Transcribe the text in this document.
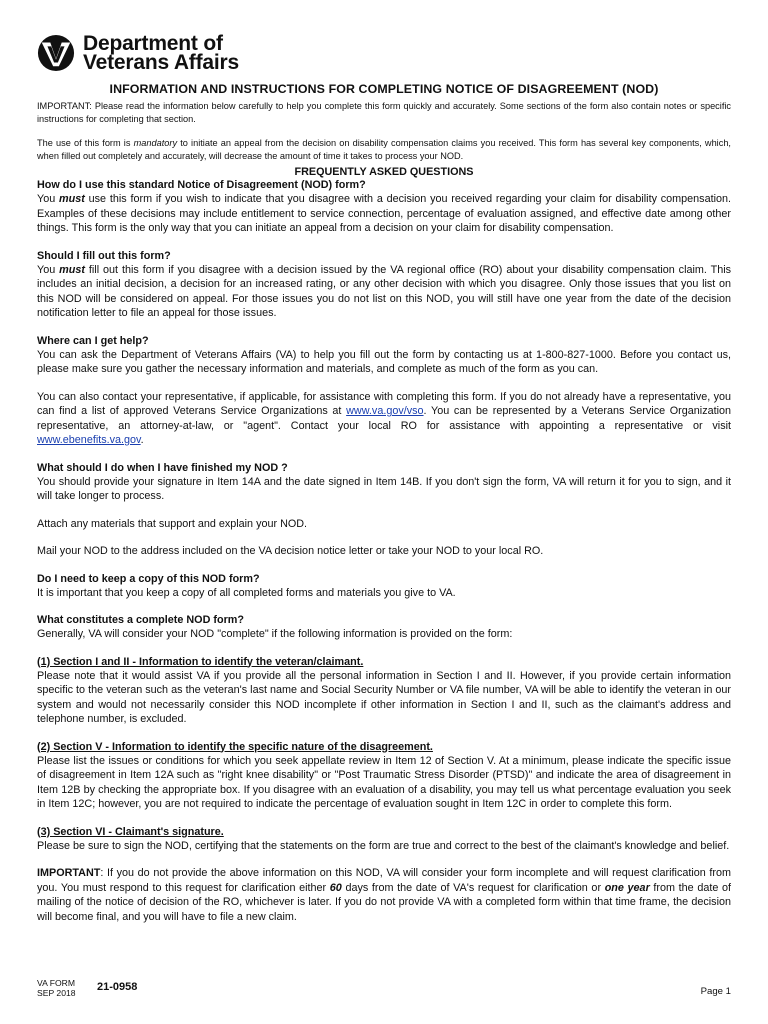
Department of
Veterans Affairs
INFORMATION AND INSTRUCTIONS FOR COMPLETING NOTICE OF DISAGREEMENT (NOD)
IMPORTANT: Please read the information below carefully to help you complete this form quickly and accurately. Some sections of the form also contain notes or specific instructions for completing that section.
The use of this form is mandatory to initiate an appeal from the decision on disability compensation claims you received. This form has several key components, which, when filled out completely and accurately, will decrease the amount of time it takes to process your NOD.
FREQUENTLY ASKED QUESTIONS
How do I use this standard Notice of Disagreement (NOD) form?
You must use this form if you wish to indicate that you disagree with a decision you received regarding your claim for disability compensation. Examples of these decisions may include entitlement to service connection, percentage of evaluation assigned, and effective date among other things. This form is the only way that you can initiate an appeal from a decision on your claim for disability compensation.
Should I fill out this form?
You must fill out this form if you disagree with a decision issued by the VA regional office (RO) about your disability compensation claim. This includes an initial decision, a decision for an increased rating, or any other decision with which you disagree. Only those issues that you list on this NOD will be considered on appeal. For those issues you do not list on this NOD, you will still have one year from the date of the decision notification letter to file an appeal for those issues.
Where can I get help?
You can ask the Department of Veterans Affairs (VA) to help you fill out the form by contacting us at 1-800-827-1000. Before you contact us, please make sure you gather the necessary information and materials, and complete as much of the form as you can.
You can also contact your representative, if applicable, for assistance with completing this form. If you do not already have a representative, you can find a list of approved Veterans Service Organizations at www.va.gov/vso. You can be represented by a Veterans Service Organization representative, an attorney-at-law, or "agent". Contact your local RO for assistance with appointing a representative or visit www.ebenefits.va.gov.
What should I do when I have finished my NOD ?
You should provide your signature in Item 14A and the date signed in Item 14B. If you don't sign the form, VA will return it for you to sign, and it will take longer to process.
Attach any materials that support and explain your NOD.
Mail your NOD to the address included on the VA decision notice letter or take your NOD to your local RO.
Do I need to keep a copy of this NOD form?
It is important that you keep a copy of all completed forms and materials you give to VA.
What constitutes a complete NOD form?
Generally, VA will consider your NOD "complete" if the following information is provided on the form:
(1) Section I and II - Information to identify the veteran/claimant.
Please note that it would assist VA if you provide all the personal information in Section I and II. However, if you provide certain information specific to the veteran such as the veteran's last name and Social Security Number or VA file number, VA will be able to identify the veteran in our system and would not necessarily consider this NOD incomplete if other information in Section I and II, such as the claimant's address and telephone number, is excluded.
(2) Section V - Information to identify the specific nature of the disagreement.
Please list the issues or conditions for which you seek appellate review in Item 12 of Section V. At a minimum, please indicate the specific issue of disagreement in Item 12A such as "right knee disability" or "Post Traumatic Stress Disorder (PTSD)" and indicate the area of disagreement in Item 12B by checking the appropriate box. If you disagree with an evaluation of a disability, you may tell us what percentage evaluation you seek in Item 12C; however, you are not required to indicate the percentage of evaluation sought in Item 12C in order to complete this form.
(3) Section VI - Claimant's signature.
Please be sure to sign the NOD, certifying that the statements on the form are true and correct to the best of the claimant's knowledge and belief.
IMPORTANT: If you do not provide the above information on this NOD, VA will consider your form incomplete and will request clarification from you. You must respond to this request for clarification either 60 days from the date of VA's request for clarification or one year from the date of mailing of the notice of decision of the RO, whichever is later. If you do not provide VA with a completed form within that time frame, the decision will become final, and you will have to file a new claim.
VA FORM
SEP 2018 21-0958	Page 1
